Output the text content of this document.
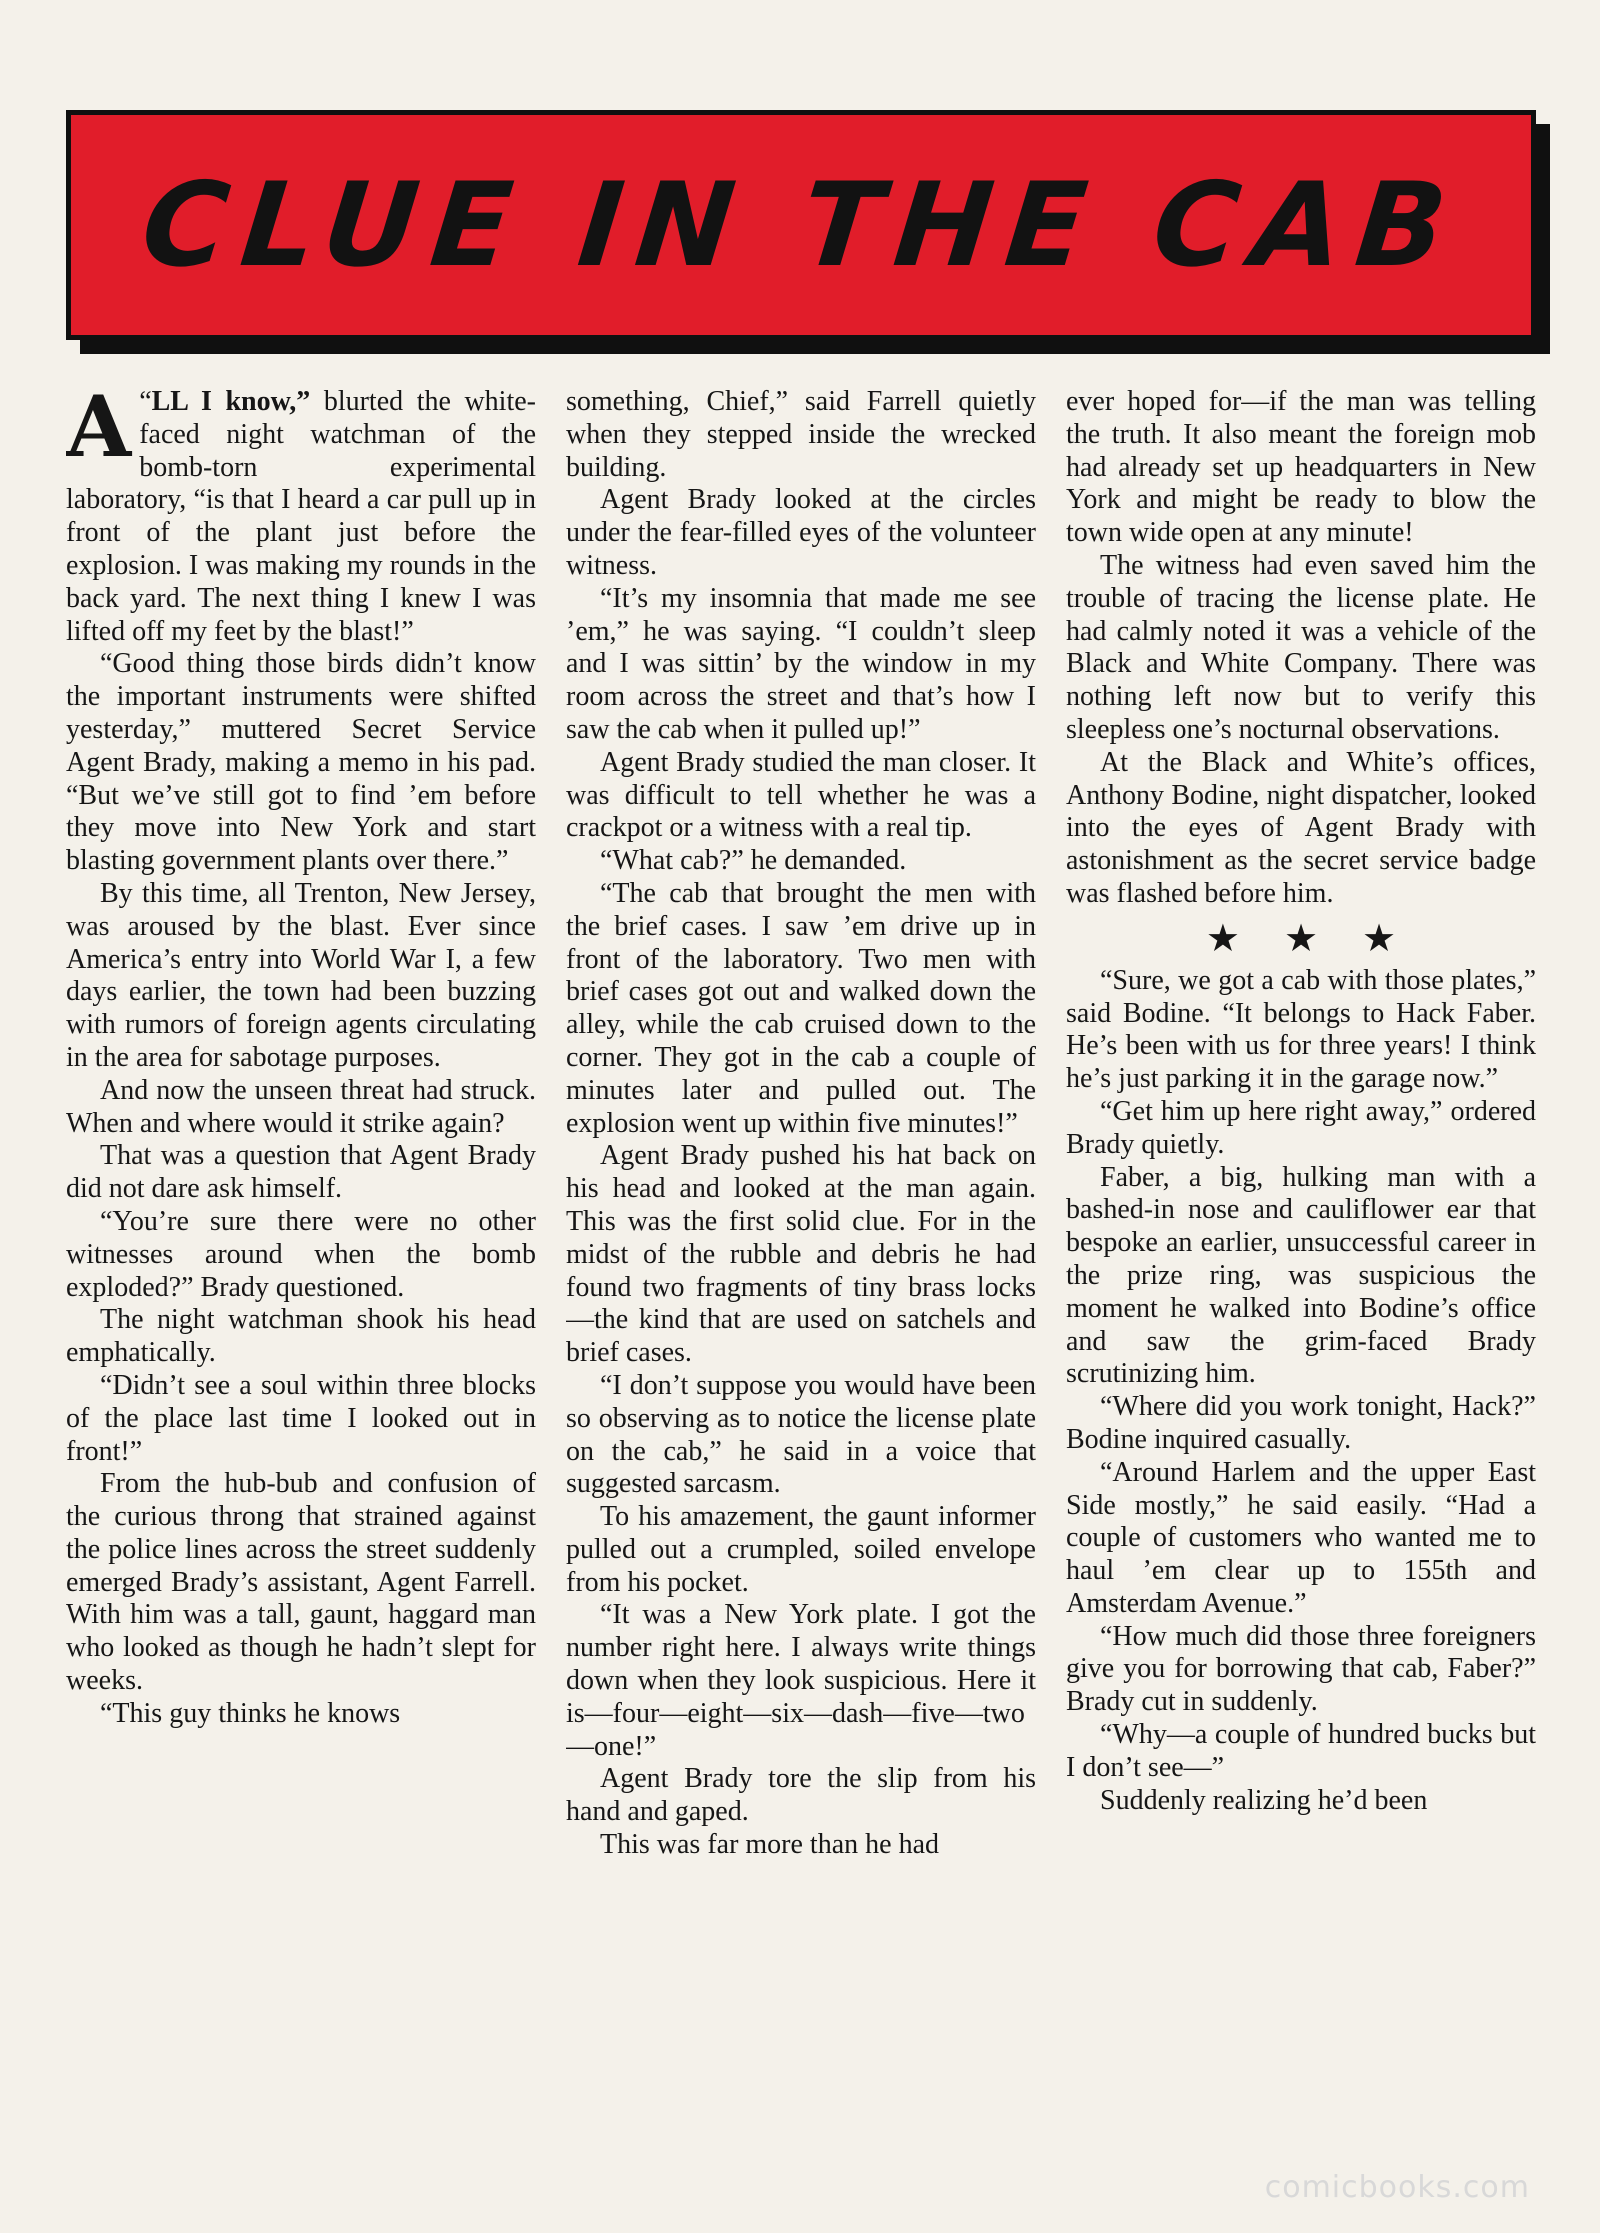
CLUE IN THE CAB

“
A LL I know,” blurted the white-faced night watchman of the bomb-torn experimental laboratory, “is that I heard a car pull up in front of the plant just before the explosion. I was making my rounds in the back yard. The next thing I knew I was lifted off my feet by the blast!”

“Good thing those birds didn’t know the important instruments were shifted yesterday,” muttered Secret Service Agent Brady, making a memo in his pad. “But we’ve still got to find ’em before they move into New York and start blasting government plants over there.”

By this time, all Trenton, New Jersey, was aroused by the blast. Ever since America’s entry into World War I, a few days earlier, the town had been buzzing with rumors of foreign agents circulating in the area for sabotage purposes.

And now the unseen threat had struck. When and where would it strike again?

That was a question that Agent Brady did not dare ask himself.

“You’re sure there were no other witnesses around when the bomb exploded?” Brady questioned.

The night watchman shook his head emphatically.

“Didn’t see a soul within three blocks of the place last time I looked out in front!”

From the hub-bub and confusion of the curious throng that strained against the police lines across the street suddenly emerged Brady’s assistant, Agent Farrell. With him was a tall, gaunt, haggard man who looked as though he hadn’t slept for weeks.

“This guy thinks he knows

something, Chief,” said Farrell quietly when they stepped inside the wrecked building.

Agent Brady looked at the circles under the fear-filled eyes of the volunteer witness.

“It’s my insomnia that made me see ’em,” he was saying. “I couldn’t sleep and I was sittin’ by the window in my room across the street and that’s how I saw the cab when it pulled up!”

Agent Brady studied the man closer. It was difficult to tell whether he was a crackpot or a witness with a real tip.

“What cab?” he demanded.

“The cab that brought the men with the brief cases. I saw ’em drive up in front of the laboratory. Two men with brief cases got out and walked down the alley, while the cab cruised down to the corner. They got in the cab a couple of minutes later and pulled out. The explosion went up within five minutes!”

Agent Brady pushed his hat back on his head and looked at the man again. This was the first solid clue. For in the midst of the rubble and debris he had found two fragments of tiny brass locks—the kind that are used on satchels and brief cases.

“I don’t suppose you would have been so observing as to notice the license plate on the cab,” he said in a voice that suggested sarcasm.

To his amazement, the gaunt informer pulled out a crumpled, soiled envelope from his pocket.

“It was a New York plate. I got the number right here. I always write things down when they look suspicious. Here it is—four—eight—six—dash—five—two—one!”

Agent Brady tore the slip from his hand and gaped.

This was far more than he had

ever hoped for—if the man was telling the truth. It also meant the foreign mob had already set up headquarters in New York and might be ready to blow the town wide open at any minute!

The witness had even saved him the trouble of tracing the license plate. He had calmly noted it was a vehicle of the Black and White Company. There was nothing left now but to verify this sleepless one’s nocturnal observations.

At the Black and White’s offices, Anthony Bodine, night dispatcher, looked into the eyes of Agent Brady with astonishment as the secret service badge was flashed before him.

★ ★ ★

“Sure, we got a cab with those plates,” said Bodine. “It belongs to Hack Faber. He’s been with us for three years! I think he’s just parking it in the garage now.”

“Get him up here right away,” ordered Brady quietly.

Faber, a big, hulking man with a bashed-in nose and cauliflower ear that bespoke an earlier, unsuccessful career in the prize ring, was suspicious the moment he walked into Bodine’s office and saw the grim-faced Brady scrutinizing him.

“Where did you work tonight, Hack?” Bodine inquired casually.

“Around Harlem and the upper East Side mostly,” he said easily. “Had a couple of customers who wanted me to haul ’em clear up to 155th and Amsterdam Avenue.”

“How much did those three foreigners give you for borrowing that cab, Faber?” Brady cut in suddenly.

“Why—a couple of hundred bucks but I don’t see—”

Suddenly realizing he’d been

comicbooks.com
